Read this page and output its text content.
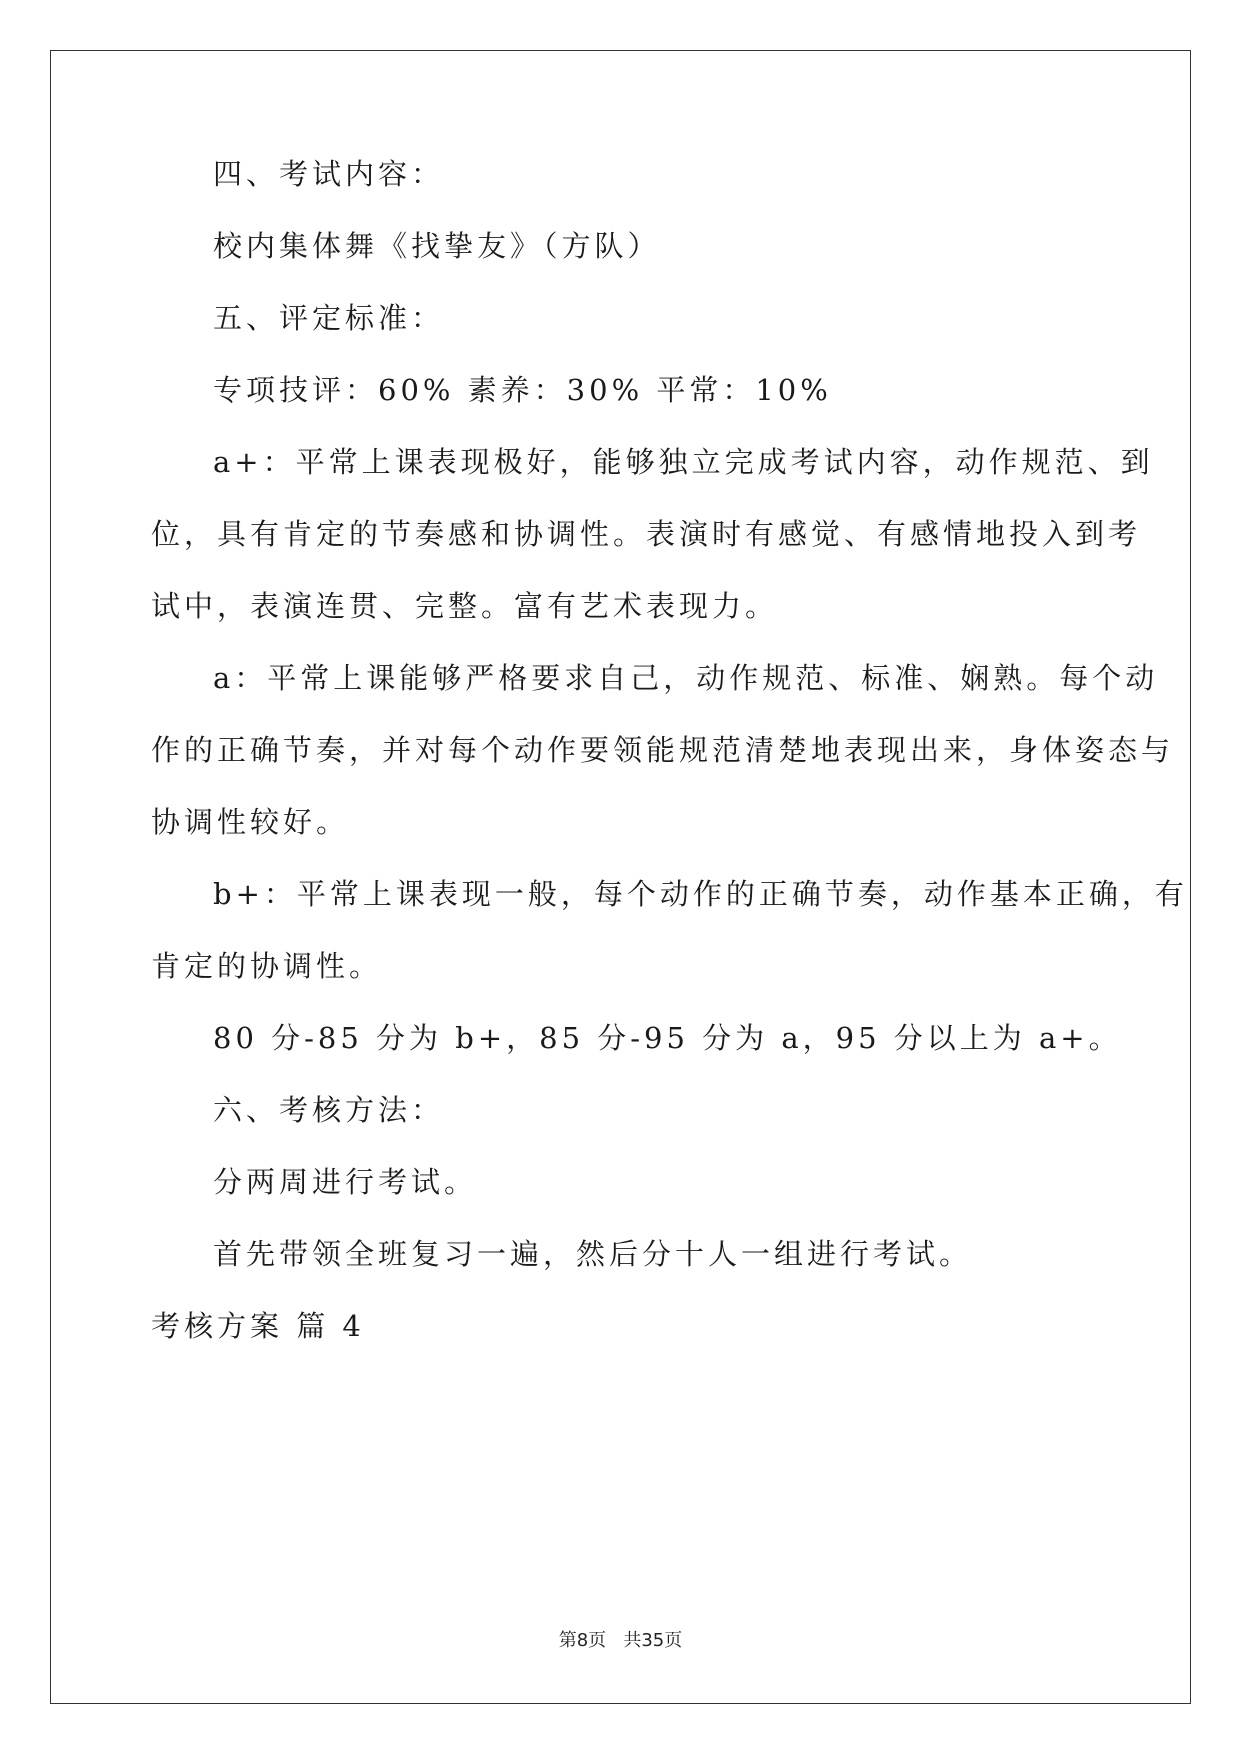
四、考试内容：
校内集体舞《找挚友》（方队）
五、评定标准：
专项技评：60% 素养：30% 平常：10%
a+：平常上课表现极好，能够独立完成考试内容，动作规范、到
位，具有肯定的节奏感和协调性。表演时有感觉、有感情地投入到考
试中，表演连贯、完整。富有艺术表现力。
a：平常上课能够严格要求自己，动作规范、标准、娴熟。每个动
作的正确节奏，并对每个动作要领能规范清楚地表现出来，身体姿态与
协调性较好。
b+：平常上课表现一般，每个动作的正确节奏，动作基本正确，有
肯定的协调性。
80 分-85 分为 b+，85 分-95 分为 a，95 分以上为 a+。
六、考核方法：
分两周进行考试。
首先带领全班复习一遍，然后分十人一组进行考试。
考核方案 篇 4
第8页   共35页
